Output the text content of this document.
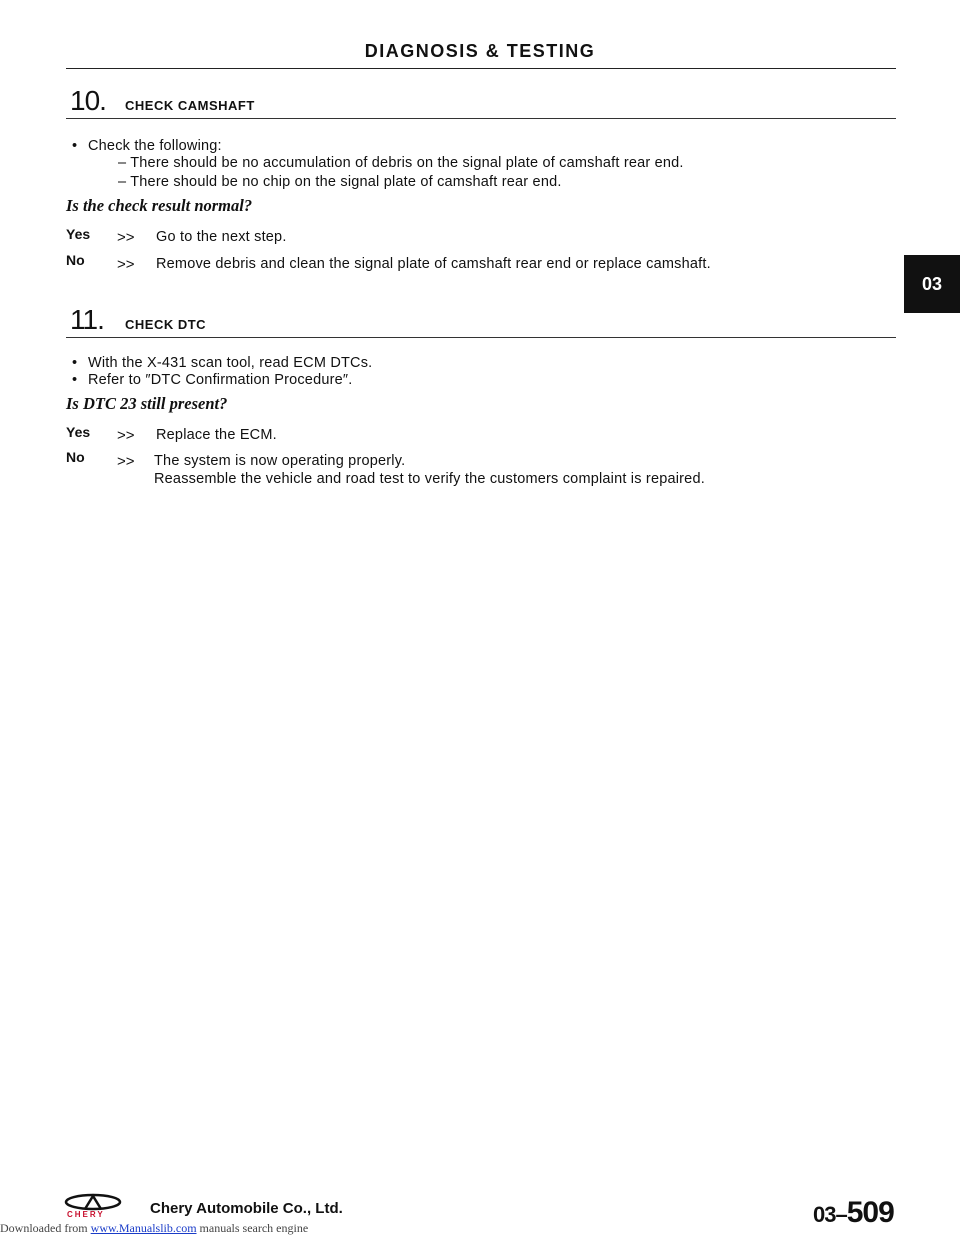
DIAGNOSIS & TESTING
03
10. CHECK CAMSHAFT
• Check the following:
– There should be no accumulation of debris on the signal plate of camshaft rear end.
– There should be no chip on the signal plate of camshaft rear end.
Is the check result normal?
Yes >> Go to the next step.
No >> Remove debris and clean the signal plate of camshaft rear end or replace camshaft.
11. CHECK DTC
• With the X-431 scan tool, read ECM DTCs.
• Refer to ″DTC Confirmation Procedure″.
Is DTC 23 still present?
Yes >> Replace the ECM.
No >> The system is now operating properly.
Reassemble the vehicle and road test to verify the customers complaint is repaired.
CHERY	Chery Automobile Co., Ltd.	03–509
Downloaded from www.Manualslib.com manuals search engine
